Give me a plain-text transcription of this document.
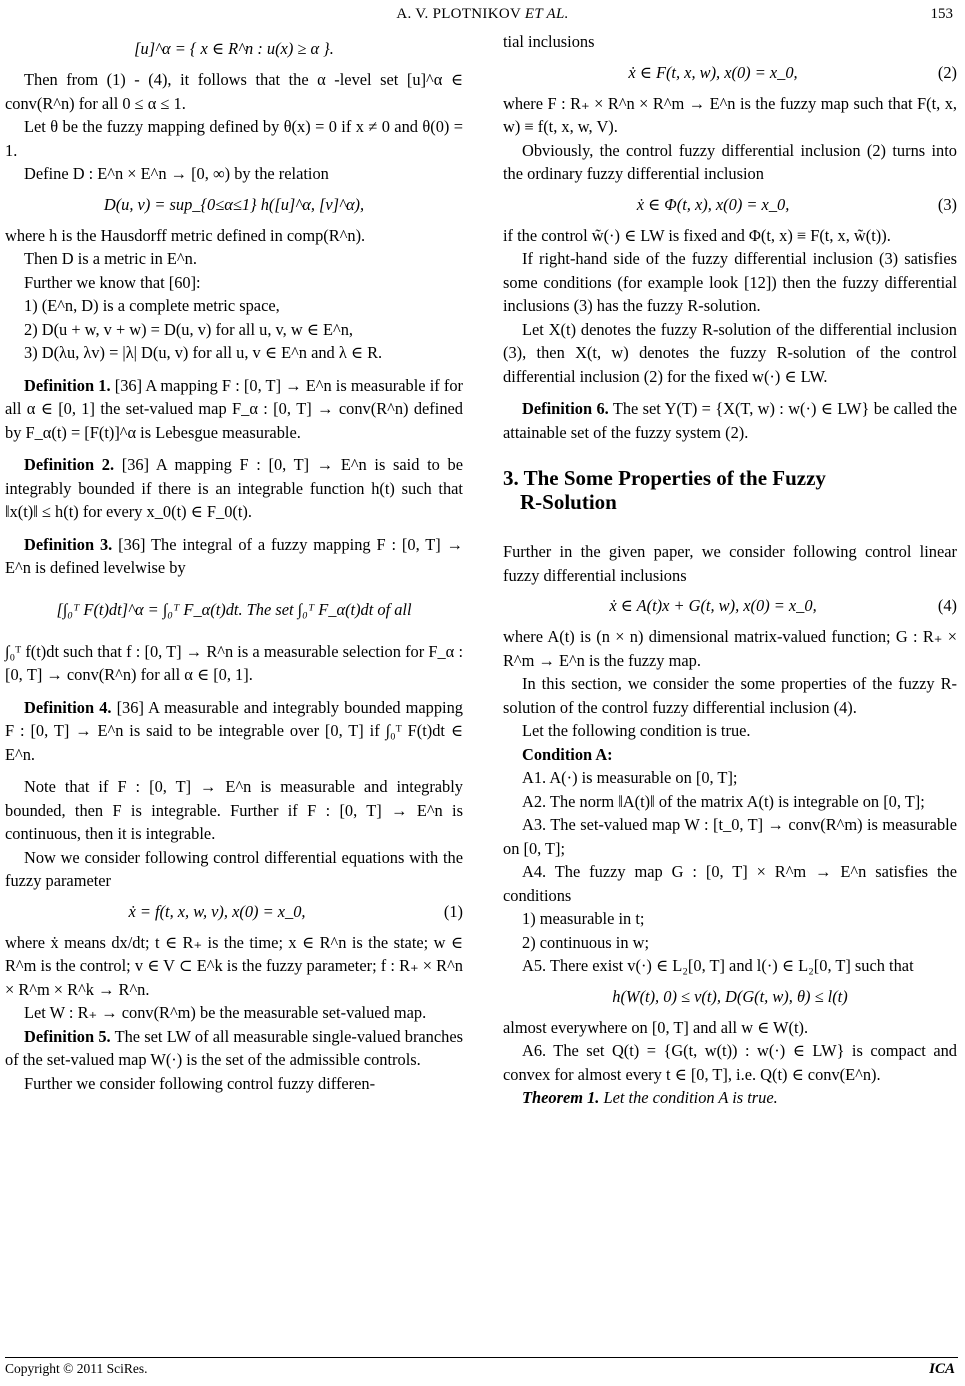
A. V. PLOTNIKOV ET AL.	153
[u]^α = { x ∈ R^n : u(x) ≥ α }.

Then from (1) - (4), it follows that the α -level set [u]^α ∈ conv(R^n) for all 0 ≤ α ≤ 1.

Let θ be the fuzzy mapping defined by θ(x) = 0 if x ≠ 0 and θ(0) = 1.

Define D : E^n × E^n → [0, ∞) by the relation

D(u, v) = sup_{0≤α≤1} h([u]^α, [v]^α),

where h is the Hausdorff metric defined in comp(R^n).

Then D is a metric in E^n.

Further we know that [60]:

1) (E^n, D) is a complete metric space,

2) D(u + w, v + w) = D(u, v) for all u, v, w ∈ E^n,

3) D(λu, λv) = |λ| D(u, v) for all u, v ∈ E^n and λ ∈ R.

Definition 1. [36] A mapping F : [0, T] → E^n is measurable if for all α ∈ [0, 1] the set-valued map F_α : [0, T] → conv(R^n) defined by F_α(t) = [F(t)]^α is Lebesgue measurable.

Definition 2. [36] A mapping F : [0, T] → E^n is said to be integrably bounded if there is an integrable function h(t) such that ‖x(t)‖ ≤ h(t) for every x_0(t) ∈ F_0(t).

Definition 3. [36] The integral of a fuzzy mapping F : [0, T] → E^n is defined levelwise by

[∫₀ᵀ F(t)dt]^α = ∫₀ᵀ F_α(t)dt. The set ∫₀ᵀ F_α(t)dt of all

∫₀ᵀ f(t)dt such that f : [0, T] → R^n is a measurable selection for F_α : [0, T] → conv(R^n) for all α ∈ [0, 1].

Definition 4. [36] A measurable and integrably bounded mapping F : [0, T] → E^n is said to be integrable over [0, T] if ∫₀ᵀ F(t)dt ∈ E^n.

Note that if F : [0, T] → E^n is measurable and integrably bounded, then F is integrable. Further if F : [0, T] → E^n is continuous, then it is integrable.

Now we consider following control differential equations with the fuzzy parameter

ẋ = f(t, x, w, v), x(0) = x_0,	(1)

where ẋ means dx/dt; t ∈ R₊ is the time; x ∈ R^n is the state; w ∈ R^m is the control; v ∈ V ⊂ E^k is the fuzzy parameter; f : R₊ × R^n × R^m × R^k → R^n.

Let W : R₊ → conv(R^m) be the measurable set-valued map.

Definition 5. The set LW of all measurable single-valued branches of the set-valued map W(·) is the set of the admissible controls.

Further we consider following control fuzzy differen-

tial inclusions

ẋ ∈ F(t, x, w), x(0) = x_0,	(2)

where F : R₊ × R^n × R^m → E^n is the fuzzy map such that F(t, x, w) ≡ f(t, x, w, V).

Obviously, the control fuzzy differential inclusion (2) turns into the ordinary fuzzy differential inclusion

ẋ ∈ Φ(t, x), x(0) = x_0,	(3)

if the control w̃(·) ∈ LW is fixed and Φ(t, x) ≡ F(t, x, w̃(t)).

If right-hand side of the fuzzy differential inclusion (3) satisfies some conditions (for example look [12]) then the fuzzy differential inclusions (3) has the fuzzy R-solution.

Let X(t) denotes the fuzzy R-solution of the differential inclusion (3), then X(t, w) denotes the fuzzy R-solution of the control differential inclusion (2) for the fixed w(·) ∈ LW.

Definition 6. The set Y(T) = {X(T, w) : w(·) ∈ LW} be called the attainable set of the fuzzy system (2).

3. The Some Properties of the Fuzzy
R-Solution

Further in the given paper, we consider following control linear fuzzy differential inclusions

ẋ ∈ A(t)x + G(t, w), x(0) = x_0,	(4)

where A(t) is (n × n) dimensional matrix-valued function; G : R₊ × R^m → E^n is the fuzzy map.

In this section, we consider the some properties of the fuzzy R-solution of the control fuzzy differential inclusion (4).

Let the following condition is true.

Condition A:

A1. A(·) is measurable on [0, T];

A2. The norm ‖A(t)‖ of the matrix A(t) is integrable on [0, T];

A3. The set-valued map W : [t_0, T] → conv(R^m) is measurable on [0, T];

A4. The fuzzy map G : [0, T] × R^m → E^n satisfies the conditions

1) measurable in t;

2) continuous in w;

A5. There exist v(·) ∈ L₂[0, T] and l(·) ∈ L₂[0, T] such that

h(W(t), 0) ≤ v(t), D(G(t, w), θ) ≤ l(t)

almost everywhere on [0, T] and all w ∈ W(t).

A6. The set Q(t) = {G(t, w(t)) : w(·) ∈ LW} is compact and convex for almost every t ∈ [0, T], i.e. Q(t) ∈ conv(E^n).

Theorem 1. Let the condition A is true.

Copyright © 2011 SciRes.	ICA
